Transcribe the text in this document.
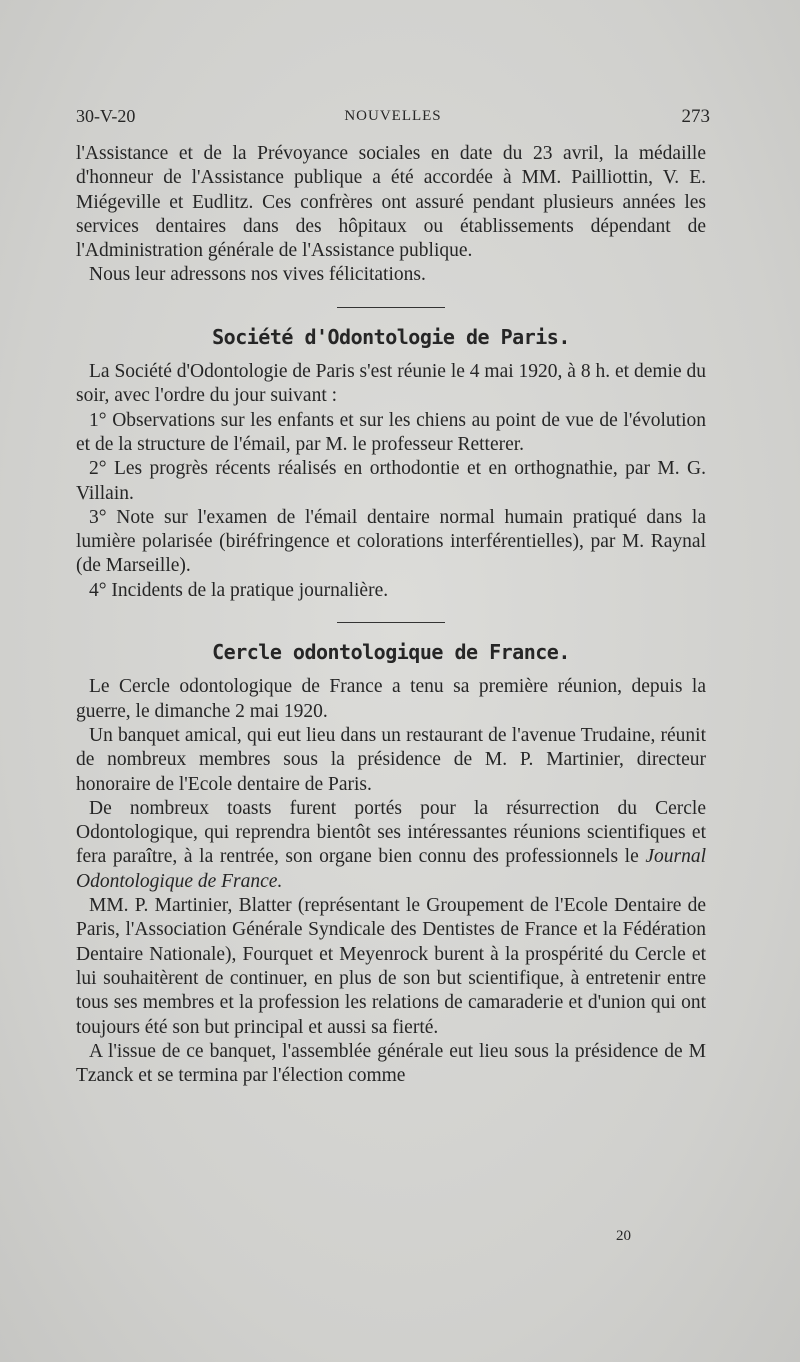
30-V-20	NOUVELLES	273

l'Assistance et de la Prévoyance sociales en date du 23 avril, la médaille d'honneur de l'Assistance publique a été accordée à MM. Pailliottin, V. E. Miégeville et Eudlitz. Ces confrères ont assuré pendant plusieurs années les services dentaires dans des hôpitaux ou établissements dépendant de l'Administration générale de l'Assistance publique.

Nous leur adressons nos vives félicitations.

Société d'Odontologie de Paris.

La Société d'Odontologie de Paris s'est réunie le 4 mai 1920, à 8 h. et demie du soir, avec l'ordre du jour suivant :

1° Observations sur les enfants et sur les chiens au point de vue de l'évolution et de la structure de l'émail, par M. le professeur Retterer.

2° Les progrès récents réalisés en orthodontie et en orthognathie, par M. G. Villain.

3° Note sur l'examen de l'émail dentaire normal humain pratiqué dans la lumière polarisée (biréfringence et colorations interférentielles), par M. Raynal (de Marseille).

4° Incidents de la pratique journalière.

Cercle odontologique de France.

Le Cercle odontologique de France a tenu sa première réunion, depuis la guerre, le dimanche 2 mai 1920.

Un banquet amical, qui eut lieu dans un restaurant de l'avenue Trudaine, réunit de nombreux membres sous la présidence de M. P. Martinier, directeur honoraire de l'Ecole dentaire de Paris.

De nombreux toasts furent portés pour la résurrection du Cercle Odontologique, qui reprendra bientôt ses intéressantes réunions scientifiques et fera paraître, à la rentrée, son organe bien connu des professionnels le Journal Odontologique de France.

MM. P. Martinier, Blatter (représentant le Groupement de l'Ecole Dentaire de Paris, l'Association Générale Syndicale des Dentistes de France et la Fédération Dentaire Nationale), Fourquet et Meyenrock burent à la prospérité du Cercle et lui souhaitèrent de continuer, en plus de son but scientifique, à entretenir entre tous ses membres et la profession les relations de camaraderie et d'union qui ont toujours été son but principal et aussi sa fierté.

A l'issue de ce banquet, l'assemblée générale eut lieu sous la présidence de M Tzanck et se termina par l'élection comme

20
